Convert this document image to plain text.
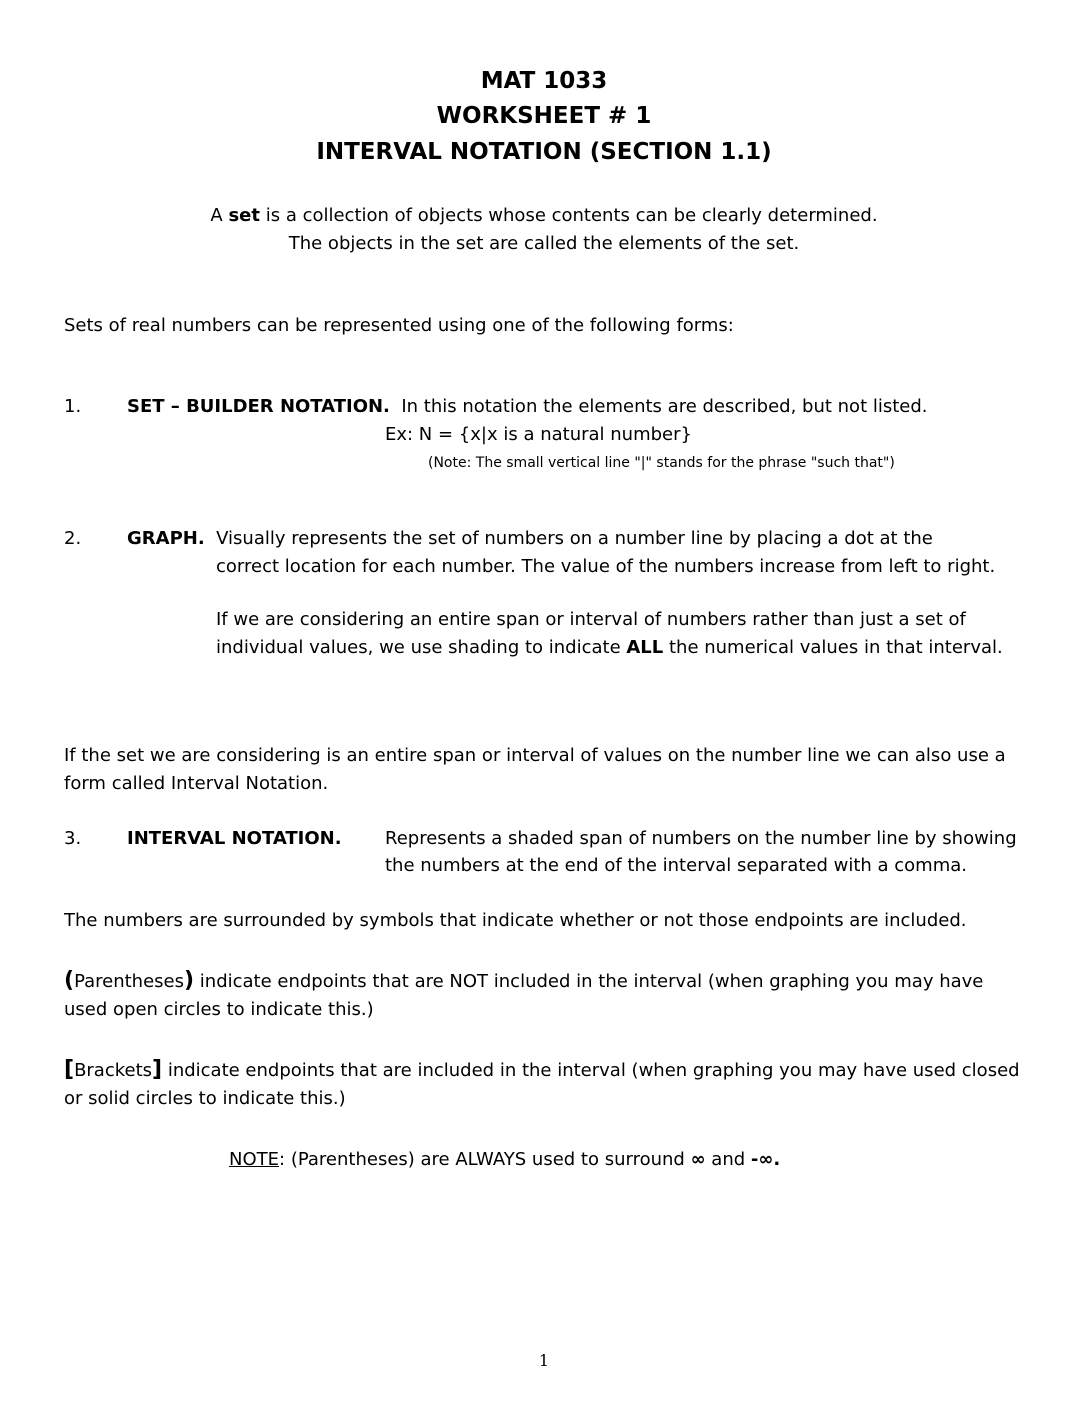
MAT 1033
WORKSHEET # 1
INTERVAL NOTATION (SECTION 1.1)
A set is a collection of objects whose contents can be clearly determined.
The objects in the set are called the elements of the set.
Sets of real numbers can be represented using one of the following forms:
1.	SET – BUILDER NOTATION. In this notation the elements are described, but not listed.
Ex: N = {x|x is a natural number}
(Note: The small vertical line "|" stands for the phrase "such that")
2.	GRAPH. Visually represents the set of numbers on a number line by placing a dot at the
correct location for each number. The value of the numbers increase from left to right.
If we are considering an entire span or interval of numbers rather than just a set of
individual values, we use shading to indicate ALL the numerical values in that interval.
If the set we are considering is an entire span or interval of values on the number line we can also use a
form called Interval Notation.
3.	INTERVAL NOTATION. Represents a shaded span of numbers on the number line by showing
the numbers at the end of the interval separated with a comma.
The numbers are surrounded by symbols that indicate whether or not those endpoints are included.
(Parentheses) indicate endpoints that are NOT included in the interval (when graphing you may have
used open circles to indicate this.)
[Brackets] indicate endpoints that are included in the interval (when graphing you may have used closed
or solid circles to indicate this.)
NOTE: (Parentheses) are ALWAYS used to surround ∞ and -∞.
1
